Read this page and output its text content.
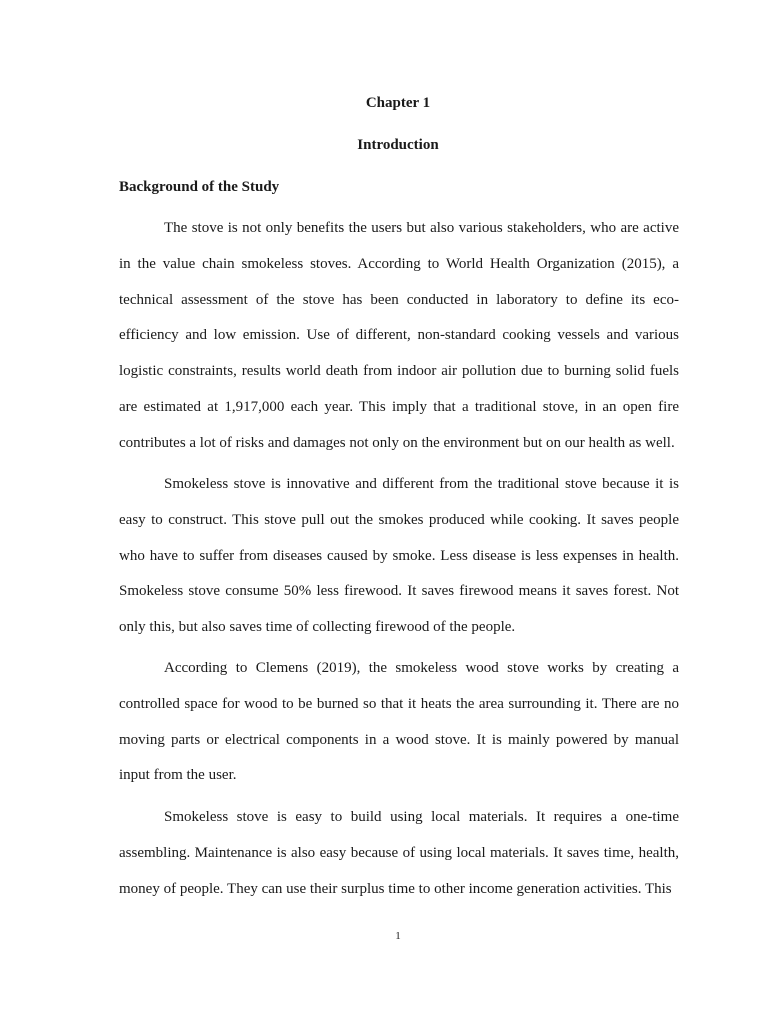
Chapter 1
Introduction
Background of the Study

The stove is not only benefits the users but also various stakeholders, who are active in the value chain smokeless stoves. According to World Health Organization (2015), a technical assessment of the stove has been conducted in laboratory to define its eco-efficiency and low emission. Use of different, non-standard cooking vessels and various logistic constraints, results world death from indoor air pollution due to burning solid fuels are estimated at 1,917,000 each year. This imply that a traditional stove, in an open fire contributes a lot of risks and damages not only on the environment but on our health as well.

Smokeless stove is innovative and different from the traditional stove because it is easy to construct. This stove pull out the smokes produced while cooking. It saves people who have to suffer from diseases caused by smoke. Less disease is less expenses in health. Smokeless stove consume 50% less firewood. It saves firewood means it saves forest. Not only this, but also saves time of collecting firewood of the people.

According to Clemens (2019), the smokeless wood stove works by creating a controlled space for wood to be burned so that it heats the area surrounding it. There are no moving parts or electrical components in a wood stove. It is mainly powered by manual input from the user.

Smokeless stove is easy to build using local materials. It requires a one-time assembling. Maintenance is also easy because of using local materials. It saves time, health, money of people. They can use their surplus time to other income generation activities. This

1
